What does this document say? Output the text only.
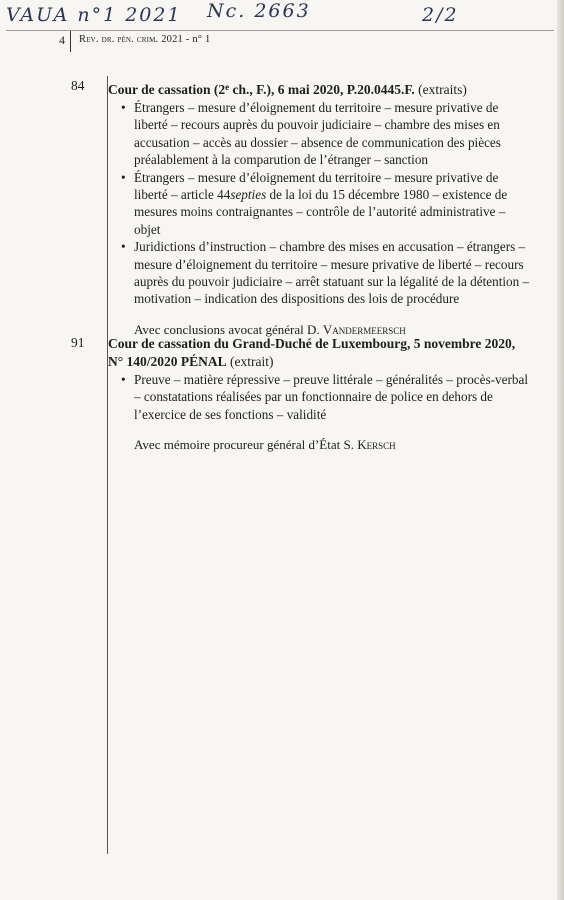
VAUA n°1 2021 Nc. 2663	2/2
4 Rev. dr. pén. crim. 2021 - n° 1
84 Cour de cassation (2e ch., F.), 6 mai 2020, P.20.0445.F. (extraits)

• Étrangers – mesure d’éloignement du territoire – mesure privative de liberté – recours auprès du pouvoir judiciaire – chambre des mises en accusation – accès au dossier – absence de communication des pièces préalablement à la comparution de l’étranger – sanction
• Étrangers – mesure d’éloignement du territoire – mesure privative de liberté – article 44septies de la loi du 15 décembre 1980 – existence de mesures moins contraignantes – contrôle de l’autorité administrative – objet
• Juridictions d’instruction – chambre des mises en accusation – étrangers – mesure d’éloignement du territoire – mesure privative de liberté – recours auprès du pouvoir judiciaire – arrêt statuant sur la légalité de la détention – motivation – indication des dispositions des lois de procédure

Avec conclusions avocat général D. Vandermeersch

91 Cour de cassation du Grand-Duché de Luxembourg, 5 novembre 2020,
N° 140/2020 PÉNAL (extrait)

• Preuve – matière répressive – preuve littérale – généralités – procès-verbal – constatations réalisées par un fonctionnaire de police en dehors de l’exercice de ses fonctions – validité

Avec mémoire procureur général d’État S. Kersch
